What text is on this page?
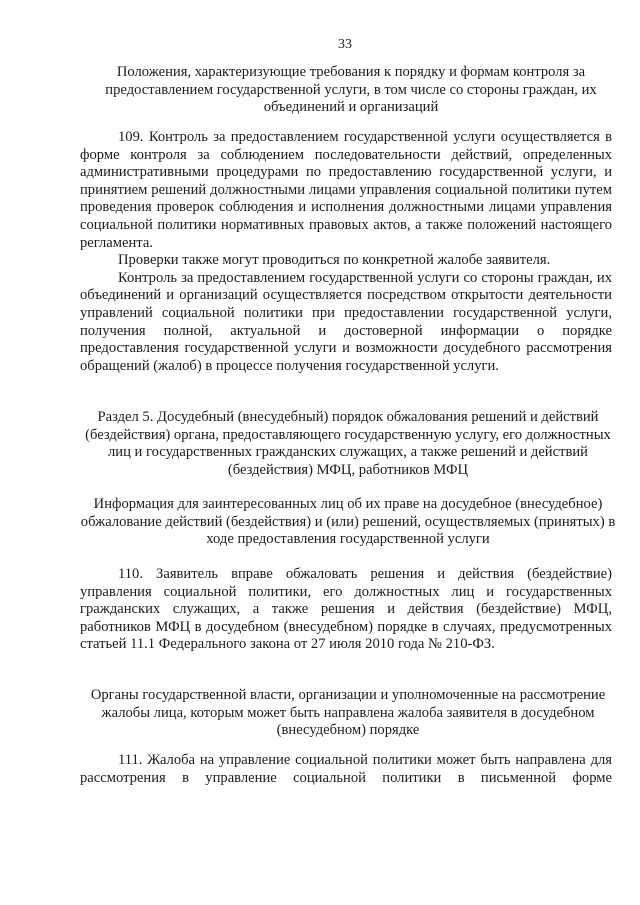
33
Положения, характеризующие требования к порядку и формам контроля за предоставлением государственной услуги, в том числе со стороны граждан, их объединений и организаций

109. Контроль за предоставлением государственной услуги осуществляется в форме контроля за соблюдением последовательности действий, определенных административными процедурами по предоставлению государственной услуги, и принятием решений должностными лицами управления социальной политики путем проведения проверок соблюдения и исполнения должностными лицами управления социальной политики нормативных правовых актов, а также положений настоящего регламента.

Проверки также могут проводиться по конкретной жалобе заявителя.

Контроль за предоставлением государственной услуги со стороны граждан, их объединений и организаций осуществляется посредством открытости деятельности управлений социальной политики при предоставлении государственной услуги, получения полной, актуальной и достоверной информации о порядке предоставления государственной услуги и возможности досудебного рассмотрения обращений (жалоб) в процессе получения государственной услуги.

Раздел 5. Досудебный (внесудебный) порядок обжалования решений и действий (бездействия) органа, предоставляющего государственную услугу, его должностных лиц и государственных гражданских служащих, а также решений и действий (бездействия) МФЦ, работников МФЦ
Информация для заинтересованных лиц об их праве на досудебное (внесудебное) обжалование действий (бездействия) и (или) решений, осуществляемых (принятых) в ходе предоставления государственной услуги

110. Заявитель вправе обжаловать решения и действия (бездействие) управления социальной политики, его должностных лиц и государственных гражданских служащих, а также решения и действия (бездействие) МФЦ, работников МФЦ в досудебном (внесудебном) порядке в случаях, предусмотренных статьей 11.1 Федерального закона от 27 июля 2010 года № 210-ФЗ.

Органы государственной власти, организации и уполномоченные на рассмотрение жалобы лица, которым может быть направлена жалоба заявителя в досудебном (внесудебном) порядке

111. Жалоба на управление социальной политики может быть направлена для рассмотрения в управление социальной политики в письменной форме
